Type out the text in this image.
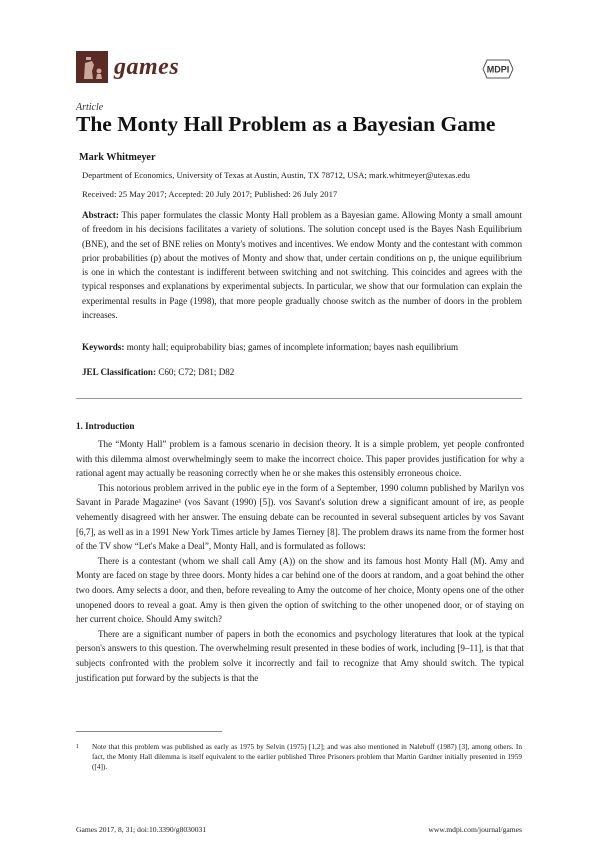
games	MDPI
Article
The Monty Hall Problem as a Bayesian Game
Mark Whitmeyer
Department of Economics, University of Texas at Austin, Austin, TX 78712, USA; mark.whitmeyer@utexas.edu
Received: 25 May 2017; Accepted: 20 July 2017; Published: 26 July 2017
Abstract: This paper formulates the classic Monty Hall problem as a Bayesian game. Allowing Monty a small amount of freedom in his decisions facilitates a variety of solutions. The solution concept used is the Bayes Nash Equilibrium (BNE), and the set of BNE relies on Monty's motives and incentives. We endow Monty and the contestant with common prior probabilities (p) about the motives of Monty and show that, under certain conditions on p, the unique equilibrium is one in which the contestant is indifferent between switching and not switching. This coincides and agrees with the typical responses and explanations by experimental subjects. In particular, we show that our formulation can explain the experimental results in Page (1998), that more people gradually choose switch as the number of doors in the problem increases.
Keywords: monty hall; equiprobability bias; games of incomplete information; bayes nash equilibrium
JEL Classification: C60; C72; D81; D82
1. Introduction

The “Monty Hall” problem is a famous scenario in decision theory. It is a simple problem, yet people confronted with this dilemma almost overwhelmingly seem to make the incorrect choice. This paper provides justification for why a rational agent may actually be reasoning correctly when he or she makes this ostensibly erroneous choice.

This notorious problem arrived in the public eye in the form of a September, 1990 column published by Marilyn vos Savant in Parade Magazine¹ (vos Savant (1990) [5]). vos Savant's solution drew a significant amount of ire, as people vehemently disagreed with her answer. The ensuing debate can be recounted in several subsequent articles by vos Savant [6,7], as well as in a 1991 New York Times article by James Tierney [8]. The problem draws its name from the former host of the TV show “Let's Make a Deal”, Monty Hall, and is formulated as follows:

There is a contestant (whom we shall call Amy (A)) on the show and its famous host Monty Hall (M). Amy and Monty are faced on stage by three doors. Monty hides a car behind one of the doors at random, and a goat behind the other two doors. Amy selects a door, and then, before revealing to Amy the outcome of her choice, Monty opens one of the other unopened doors to reveal a goat. Amy is then given the option of switching to the other unopened door, or of staying on her current choice. Should Amy switch?

There are a significant number of papers in both the economics and psychology literatures that look at the typical person's answers to this question. The overwhelming result presented in these bodies of work, including [9–11], is that that subjects confronted with the problem solve it incorrectly and fail to recognize that Amy should switch. The typical justification put forward by the subjects is that the

1 Note that this problem was published as early as 1975 by Selvin (1975) [1,2]; and was also mentioned in Nalebuff (1987) [3], among others. In fact, the Monty Hall dilemma is itself equivalent to the earlier published Three Prisoners problem that Martin Gardner initially presented in 1959 ([4]).
Games 2017, 8, 31; doi:10.3390/g8030031	www.mdpi.com/journal/games
